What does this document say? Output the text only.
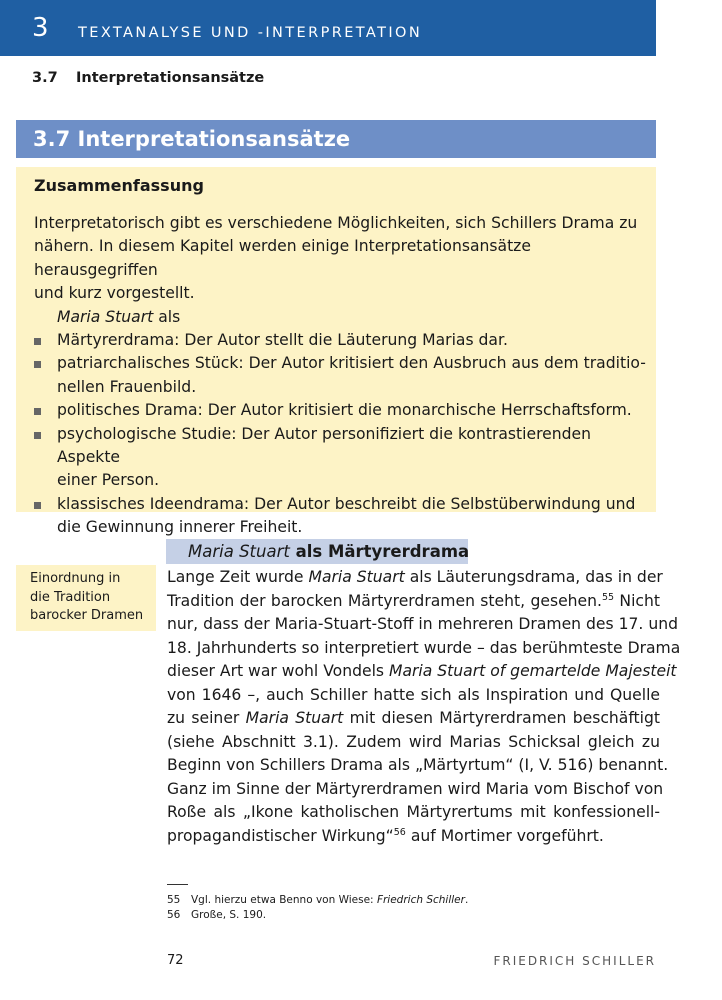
3 TEXTANALYSE UND -INTERPRETATION
3.7 Interpretationsansätze
3.7 Interpretationsansätze
Zusammenfassung

Interpretatorisch gibt es verschiedene Möglichkeiten, sich Schillers Drama zu
nähern. In diesem Kapitel werden einige Interpretationsansätze herausgegriffen
und kurz vorgestellt.

Maria Stuart als

Märtyrerdrama: Der Autor stellt die Läuterung Marias dar.
patriarchalisches Stück: Der Autor kritisiert den Ausbruch aus dem traditio-
nellen Frauenbild.
politisches Drama: Der Autor kritisiert die monarchische Herrschaftsform.
psychologische Studie: Der Autor personifiziert die kontrastierenden Aspekte
einer Person.
klassisches Ideendrama: Der Autor beschreibt die Selbstüberwindung und
die Gewinnung innerer Freiheit.
Einordnung in
die Tradition
barocker Dramen
Maria Stuart als Märtyrerdrama
Lange Zeit wurde Maria Stuart als Läuterungsdrama, das in der
Tradition der barocken Märtyrerdramen steht, gesehen.$^{55}$ Nicht
nur, dass der Maria-Stuart-Stoff in mehreren Dramen des 17. und
18. Jahrhunderts so interpretiert wurde – das berühmteste Drama
dieser Art war wohl Vondels Maria Stuart of gemartelde Majesteit
von 1646 –, auch Schiller hatte sich als Inspiration und Quelle
zu seiner Maria Stuart mit diesen Märtyrerdramen beschäftigt
(siehe Abschnitt 3.1). Zudem wird Marias Schicksal gleich zu
Beginn von Schillers Drama als „Märtyrtum“ (I, V. 516) benannt.
Ganz im Sinne der Märtyrerdramen wird Maria vom Bischof von
Roße als „Ikone katholischen Märtyrertums mit konfessionell-
propagandistischer Wirkung“$^{56}$ auf Mortimer vorgeführt.
55 Vgl. hierzu etwa Benno von Wiese: Friedrich Schiller.
56 Große, S. 190.
72	FRIEDRICH SCHILLER
